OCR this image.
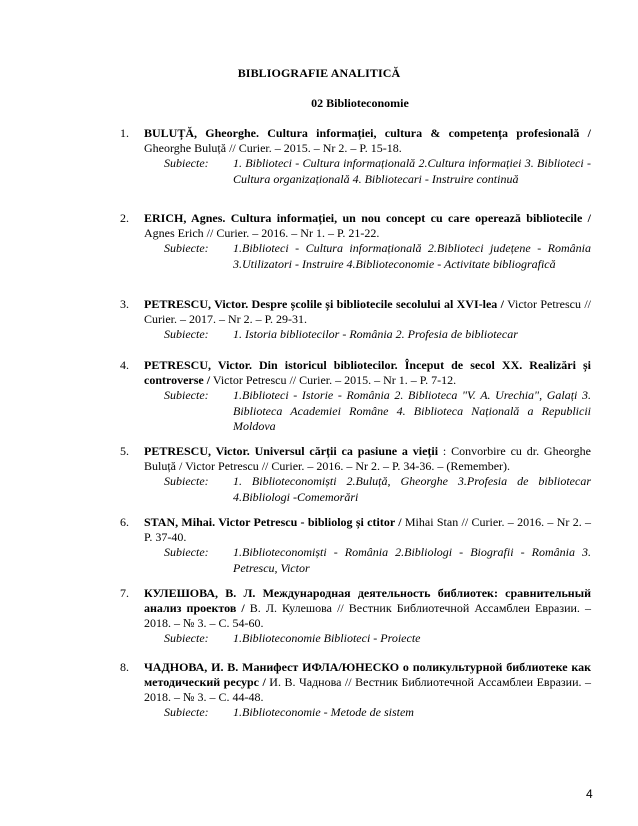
BIBLIOGRAFIE ANALITICĂ
02 Biblioteconomie
1. BULUȚĂ, Gheorghe. Cultura informației, cultura & competența profesională / Gheorghe Buluță // Curier. – 2015. – Nr 2. – P. 15-18.
Subiecte: 1. Biblioteci - Cultura informațională 2.Cultura informației 3. Biblioteci - Cultura organizațională 4. Bibliotecari - Instruire continuă
2. ERICH, Agnes. Cultura informației, un nou concept cu care operează bibliotecile / Agnes Erich // Curier. – 2016. – Nr 1. – P. 21-22.
Subiecte: 1.Biblioteci - Cultura informațională 2.Biblioteci județene - România 3.Utilizatori - Instruire 4.Biblioteconomie - Activitate bibliografică
3. PETRESCU, Victor. Despre școlile și bibliotecile secolului al XVI-lea / Victor Petrescu // Curier. – 2017. – Nr 2. – P. 29-31.
Subiecte: 1. Istoria bibliotecilor - România 2. Profesia de bibliotecar
4. PETRESCU, Victor. Din istoricul bibliotecilor. Început de secol XX. Realizări și controverse / Victor Petrescu // Curier. – 2015. – Nr 1. – P. 7-12.
Subiecte: 1.Biblioteci - Istorie - România 2. Biblioteca "V. A. Urechia", Galați 3. Biblioteca Academiei Române 4. Biblioteca Națională a Republicii Moldova
5. PETRESCU, Victor. Universul cărții ca pasiune a vieții : Convorbire cu dr. Gheorghe Buluță / Victor Petrescu // Curier. – 2016. – Nr 2. – P. 34-36. – (Remember).
Subiecte: 1. Biblioteconomiști 2.Buluță, Gheorghe 3.Profesia de bibliotecar 4.Bibliologi -Comemorări
6. STAN, Mihai. Victor Petrescu - bibliolog și ctitor / Mihai Stan // Curier. – 2016. – Nr 2. – P. 37-40.
Subiecte: 1.Biblioteconomiști - România 2.Bibliologi - Biografii - România 3. Petrescu, Victor
7. КУЛЕШОВА, В. Л. Международная деятельность библиотек: сравнительный анализ проектов / В. Л. Кулешова // Вестник Библиотечной Ассамблеи Евразии. – 2018. – № 3. – С. 54-60.
Subiecte: 1.Biblioteconomie Biblioteci - Proiecte
8. ЧАДНОВА, И. В. Манифест ИФЛА/ЮНЕСКО о поликультурной библиотеке как методический ресурс / И. В. Чаднова // Вестник Библиотечной Ассамблеи Евразии. – 2018. – № 3. – С. 44-48.
Subiecte: 1.Biblioteconomie - Metode de sistem
4
